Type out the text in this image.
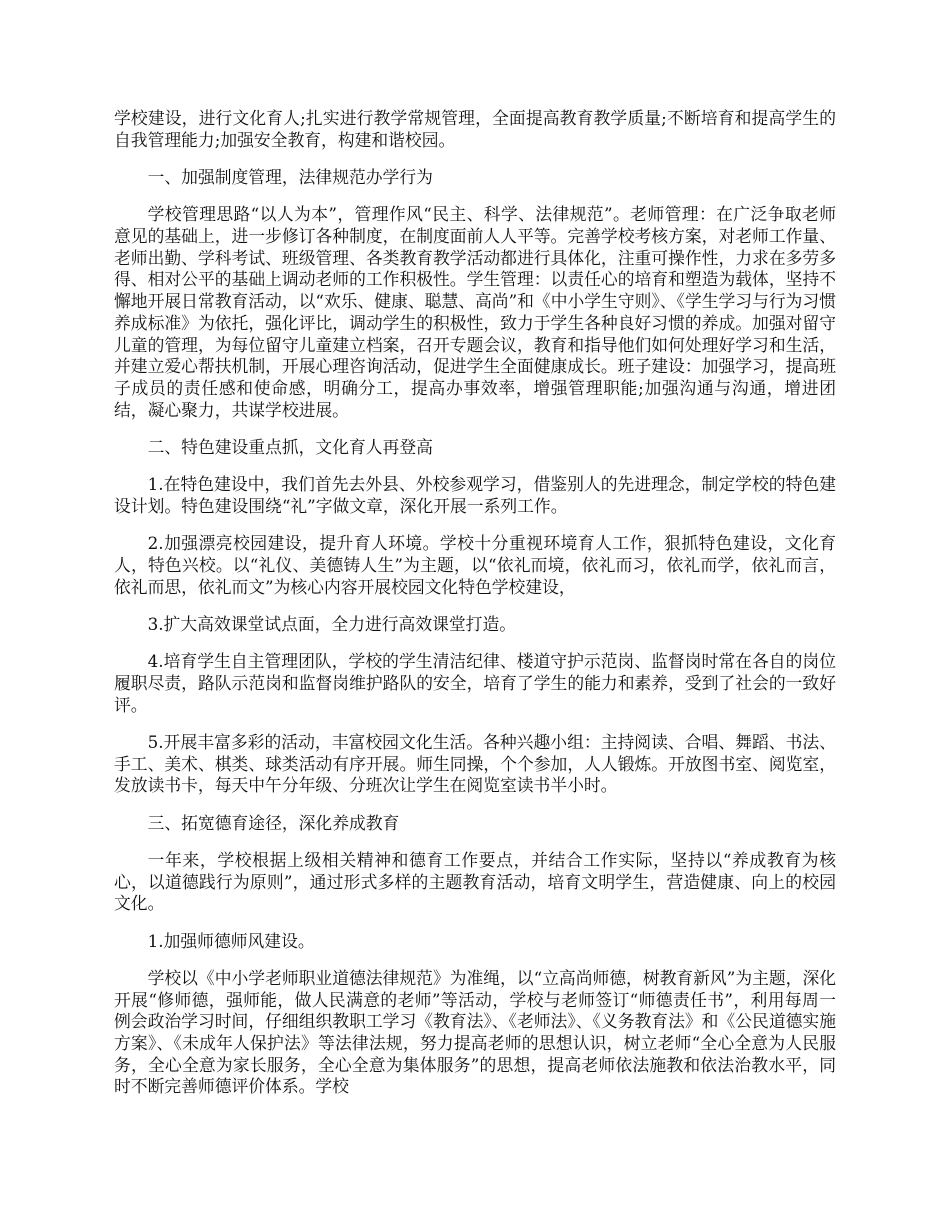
学校建设，进行文化育人;扎实进行教学常规管理，全面提高教育教学质量;不断培育和提高学生的自我管理能力;加强安全教育，构建和谐校园。

一、加强制度管理，法律规范办学行为

学校管理思路“以人为本”，管理作风“民主、科学、法律规范”。老师管理：在广泛争取老师意见的基础上，进一步修订各种制度，在制度面前人人平等。完善学校考核方案，对老师工作量、老师出勤、学科考试、班级管理、各类教育教学活动都进行具体化，注重可操作性，力求在多劳多得、相对公平的基础上调动老师的工作积极性。学生管理：以责任心的培育和塑造为载体，坚持不懈地开展日常教育活动，以“欢乐、健康、聪慧、高尚”和《中小学生守则》、《学生学习与行为习惯养成标准》为依托，强化评比，调动学生的积极性，致力于学生各种良好习惯的养成。加强对留守儿童的管理，为每位留守儿童建立档案，召开专题会议，教育和指导他们如何处理好学习和生活，并建立爱心帮扶机制，开展心理咨询活动，促进学生全面健康成长。班子建设：加强学习，提高班子成员的责任感和使命感，明确分工，提高办事效率，增强管理职能;加强沟通与沟通，增进团结，凝心聚力，共谋学校进展。

二、特色建设重点抓，文化育人再登高

1.在特色建设中，我们首先去外县、外校参观学习，借鉴别人的先进理念，制定学校的特色建设计划。特色建设围绕“礼”字做文章，深化开展一系列工作。

2.加强漂亮校园建设，提升育人环境。学校十分重视环境育人工作，狠抓特色建设，文化育人，特色兴校。以“礼仪、美德铸人生”为主题，以“依礼而境，依礼而习，依礼而学，依礼而言，依礼而思，依礼而文”为核心内容开展校园文化特色学校建设，

3.扩大高效课堂试点面，全力进行高效课堂打造。

4.培育学生自主管理团队，学校的学生清洁纪律、楼道守护示范岗、监督岗时常在各自的岗位履职尽责，路队示范岗和监督岗维护路队的安全，培育了学生的能力和素养，受到了社会的一致好评。

5.开展丰富多彩的活动，丰富校园文化生活。各种兴趣小组：主持阅读、合唱、舞蹈、书法、手工、美术、棋类、球类活动有序开展。师生同操，个个参加，人人锻炼。开放图书室、阅览室，发放读书卡，每天中午分年级、分班次让学生在阅览室读书半小时。

三、拓宽德育途径，深化养成教育

一年来，学校根据上级相关精神和德育工作要点，并结合工作实际，坚持以“养成教育为核心，以道德践行为原则”，通过形式多样的主题教育活动，培育文明学生，营造健康、向上的校园文化。

1.加强师德师风建设。

学校以《中小学老师职业道德法律规范》为准绳，以“立高尚师德，树教育新风”为主题，深化开展“修师德，强师能，做人民满意的老师”等活动，学校与老师签订“师德责任书”，利用每周一例会政治学习时间，仔细组织教职工学习《教育法》、《老师法》、《义务教育法》和《公民道德实施方案》、《未成年人保护法》等法律法规，努力提高老师的思想认识，树立老师“全心全意为人民服务，全心全意为家长服务，全心全意为集体服务”的思想，提高老师依法施教和依法治教水平，同时不断完善师德评价体系。学校
